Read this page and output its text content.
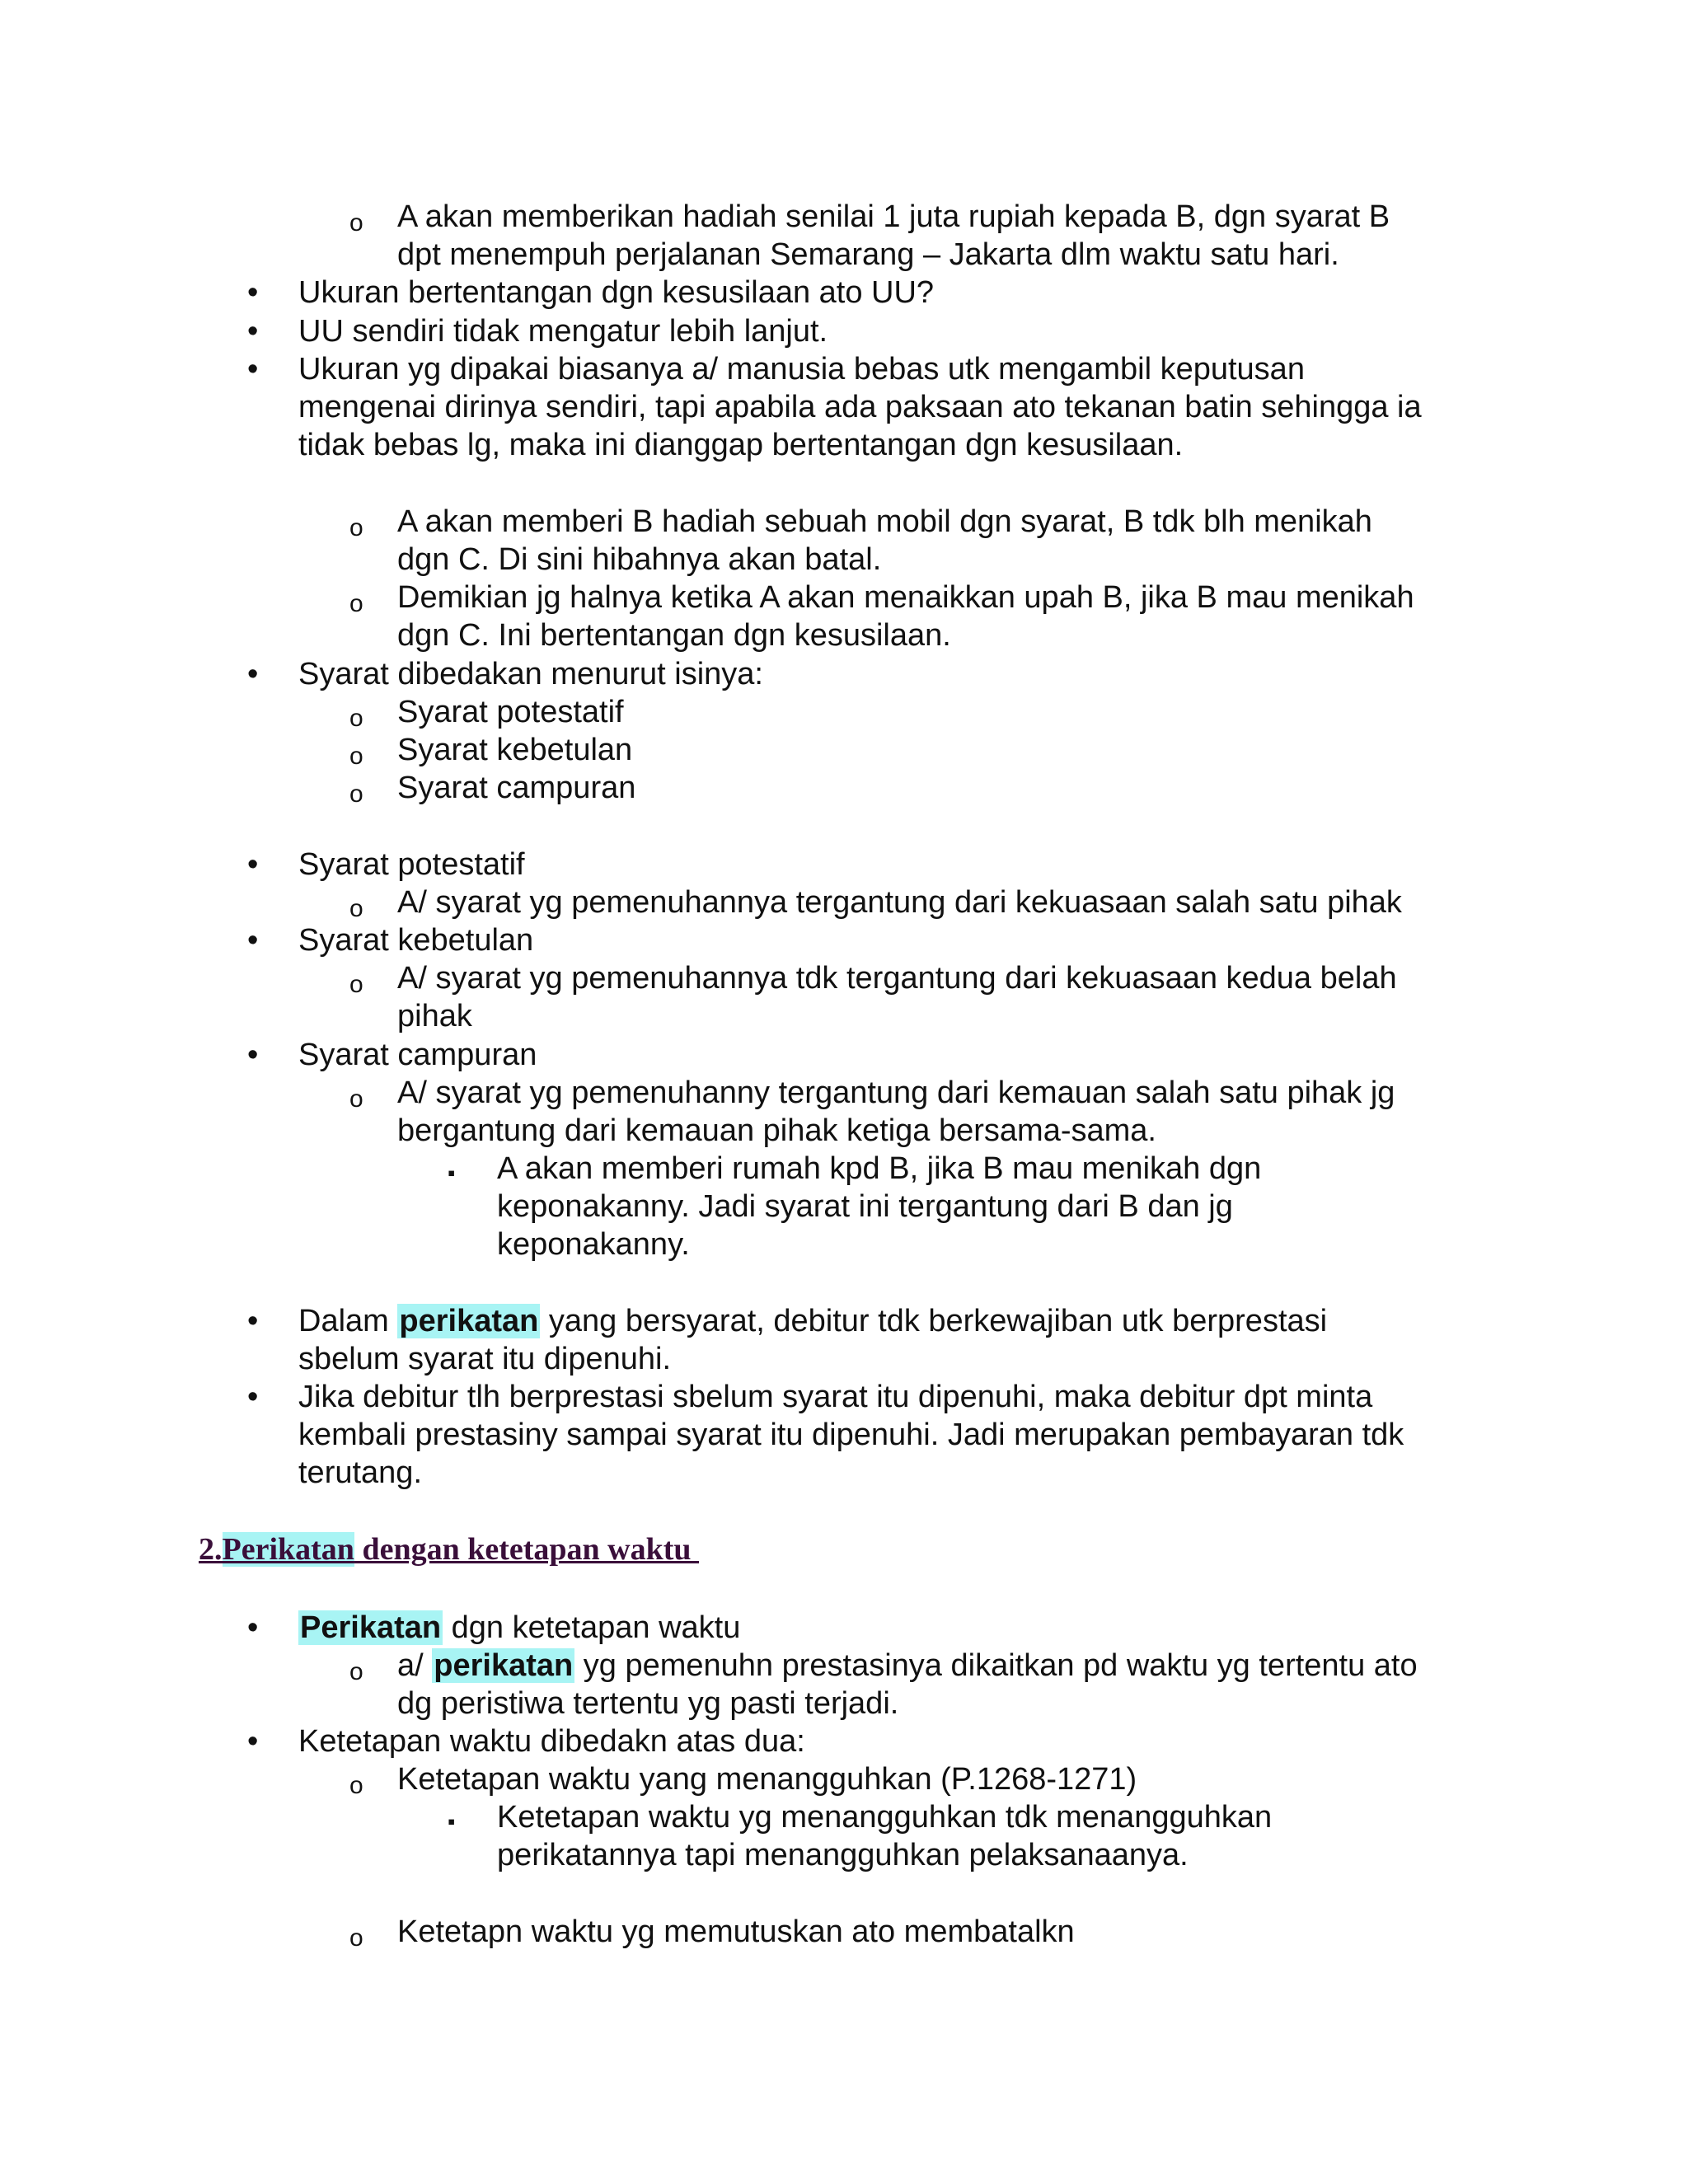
o A akan memberikan hadiah senilai 1 juta rupiah kepada B, dgn syarat B
dpt menempuh perjalanan Semarang – Jakarta dlm waktu satu hari.
• Ukuran bertentangan dgn kesusilaan ato UU?
• UU sendiri tidak mengatur lebih lanjut.
• Ukuran yg dipakai biasanya a/ manusia bebas utk mengambil keputusan
mengenai dirinya sendiri, tapi apabila ada paksaan ato tekanan batin sehingga ia
tidak bebas lg, maka ini dianggap bertentangan dgn kesusilaan.
o A akan memberi B hadiah sebuah mobil dgn syarat, B tdk blh menikah
dgn C. Di sini hibahnya akan batal.
o Demikian jg halnya ketika A akan menaikkan upah B, jika B mau menikah
dgn C. Ini bertentangan dgn kesusilaan.
• Syarat dibedakan menurut isinya:
o Syarat potestatif
o Syarat kebetulan
o Syarat campuran
• Syarat potestatif
o A/ syarat yg pemenuhannya tergantung dari kekuasaan salah satu pihak
• Syarat kebetulan
o A/ syarat yg pemenuhannya tdk tergantung dari kekuasaan kedua belah
pihak
• Syarat campuran
o A/ syarat yg pemenuhanny tergantung dari kemauan salah satu pihak jg
bergantung dari kemauan pihak ketiga bersama-sama.
▪ A akan memberi rumah kpd B, jika B mau menikah dgn
keponakanny. Jadi syarat ini tergantung dari B dan jg
keponakanny.
• Dalam perikatan yang bersyarat, debitur tdk berkewajiban utk berprestasi
sbelum syarat itu dipenuhi.
• Jika debitur tlh berprestasi sbelum syarat itu dipenuhi, maka debitur dpt minta
kembali prestasiny sampai syarat itu dipenuhi. Jadi merupakan pembayaran tdk
terutang.
2.Perikatan dengan ketetapan waktu
• Perikatan dgn ketetapan waktu
o a/ perikatan yg pemenuhn prestasinya dikaitkan pd waktu yg tertentu ato
dg peristiwa tertentu yg pasti terjadi.
• Ketetapan waktu dibedakn atas dua:
o Ketetapan waktu yang menangguhkan (P.1268-1271)
▪ Ketetapan waktu yg menangguhkan tdk menangguhkan
perikatannya tapi menangguhkan pelaksanaanya.
o Ketetapn waktu yg memutuskan ato membatalkn
